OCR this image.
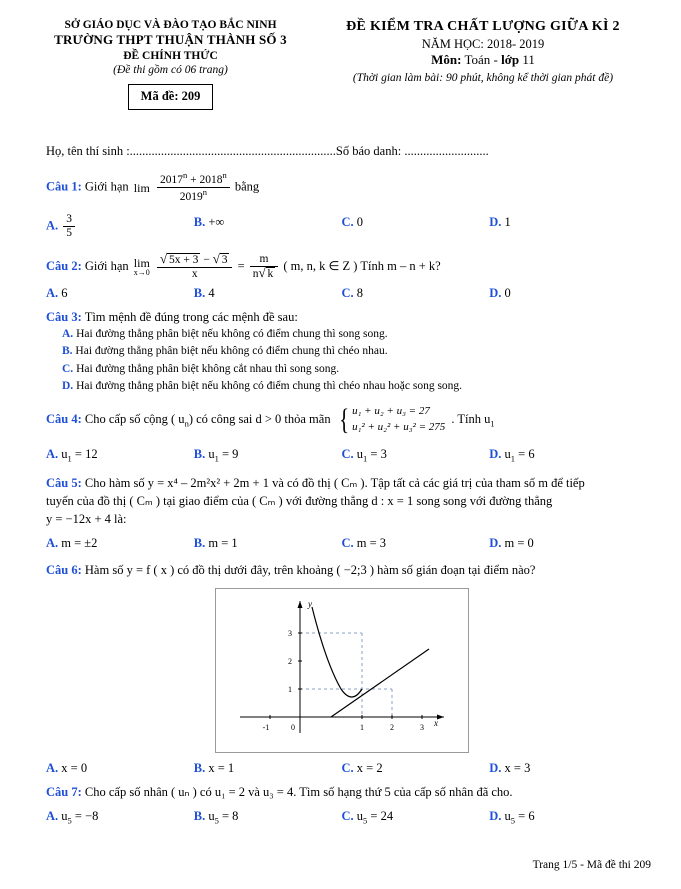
SỞ GIÁO DỤC VÀ ĐÀO TẠO BẮC NINH
TRƯỜNG THPT THUẬN THÀNH SỐ 3
ĐỀ CHÍNH THỨC
(Đề thi gồm có 06 trang)
Mã đề: 209
ĐỀ KIỂM TRA CHẤT LƯỢNG GIỮA KÌ 2
NĂM HỌC: 2018- 2019
Môn: Toán - lớp 11
(Thời gian làm bài: 90 phút, không kể thời gian phát đề)
Họ, tên thí sinh :..................................................................Số báo danh: ...........................
Câu 1: Giới hạn lim
$\frac{2017^n + 2018^n}{2019^n}$ bằng
A. $\frac{3}{5}$	B. +∞	C. 0	D. 1
Câu 2: Giới hạn lim
x→0
√ $\frac{5x + 3 - √ 3}{x} = \frac{m}{n √ k}$ ( m, n, k ∈ Z ) Tính m – n + k?
A. 6	B. 4	C. 8	D. 0
Câu 3: Tìm mệnh đề đúng trong các mệnh đề sau:
A. Hai đường thẳng phân biệt nếu không có điểm chung thì song song.
B. Hai đường thẳng phân biệt nếu không có điểm chung thì chéo nhau.
C. Hai đường thẳng phân biệt không cắt nhau thì song song.
D. Hai đường thẳng phân biệt nếu không có điểm chung thì chéo nhau hoặc song song.
Câu 4: Cho cấp số cộng ( $u_n$) có công sai d > 0 thỏa mãn { u₁ + u₂ + u₃ = 27
u₁² + u₂² + u₃² = 275
. Tính $u_1$
A. $u_1 = 12$	B. $u_1 = 9$	C. $u_1 = 3$	D. $u_1 = 6$
Câu 5: Cho hàm số y = x⁴ – 2m²x² + 2m + 1 và có đồ thị ( Cₘ ). Tập tất cả các giá trị của tham số m để tiếp
tuyến của đồ thị ( Cₘ ) tại giao điểm của ( Cₘ ) với đường thẳng d : x = 1 song song với đường thẳng
y = −12x + 4 là:
A. m = ±2	B. m = 1	C. m = 3	D. m = 0
Câu 6: Hàm số y = f ( x ) có đồ thị dưới đây, trên khoảng ( −2;3 ) hàm số gián đoạn tại điểm nào?
-1	0	1	2	3
3
2
1
y
x
A. x = 0	B. x = 1	C. x = 2	D. x = 3
Câu 7: Cho cấp số nhân ( uₙ ) có u₁ = 2 và u₃ = 4. Tìm số hạng thứ 5 của cấp số nhân đã cho.
A. $u_5 = -8$	B. $u_5 = 8$	C. $u_5 = 24$	D. $u_5 = 6$
Trang 1/5 - Mã đề thi 209
